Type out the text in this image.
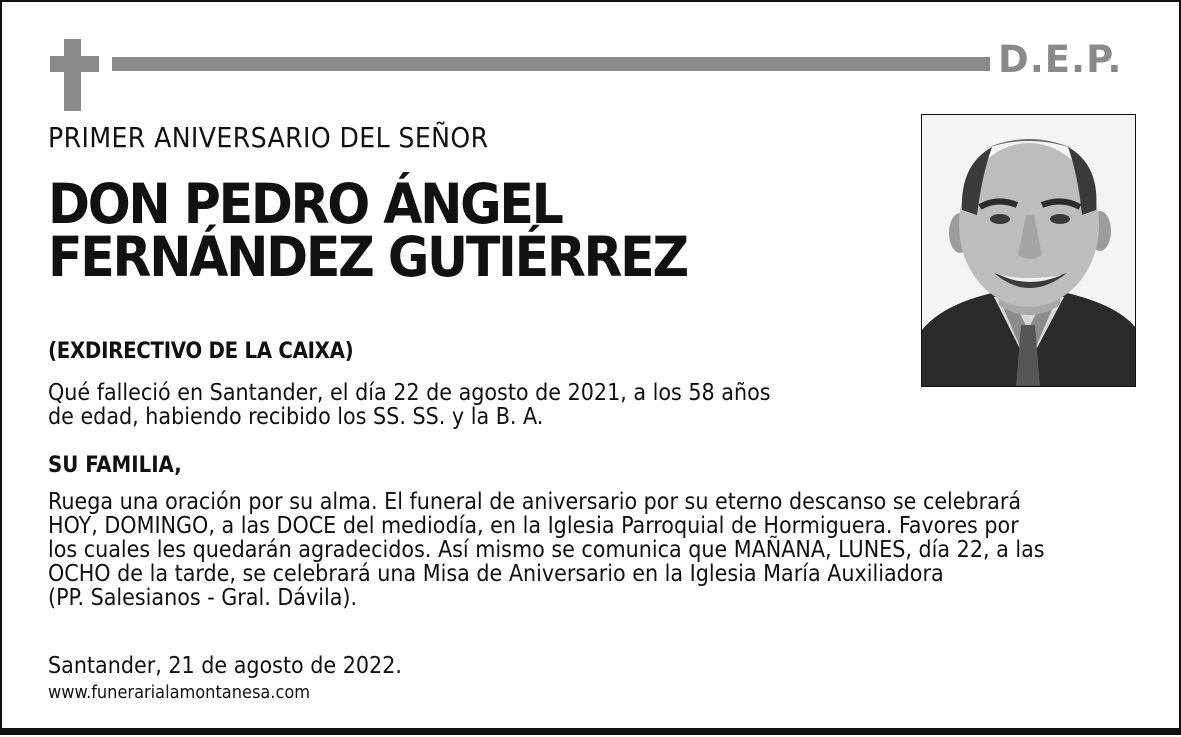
D.E.P.
PRIMER ANIVERSARIO DEL SEÑOR
DON PEDRO ÁNGEL
FERNÁNDEZ GUTIÉRREZ
(EXDIRECTIVO DE LA CAIXA)
Qué falleció en Santander, el día 22 de agosto de 2021, a los 58 años
de edad, habiendo recibido los SS. SS. y la B. A.
SU FAMILIA,
Ruega una oración por su alma. El funeral de aniversario por su eterno descanso se celebrará
HOY, DOMINGO, a las DOCE del mediodía, en la Iglesia Parroquial de Hormiguera. Favores por
los cuales les quedarán agradecidos. Así mismo se comunica que MAÑANA, LUNES, día 22, a las
OCHO de la tarde, se celebrará una Misa de Aniversario en la Iglesia María Auxiliadora
(PP. Salesianos - Gral. Dávila).
Santander, 21 de agosto de 2022.
www.funerarialamontanesa.com
